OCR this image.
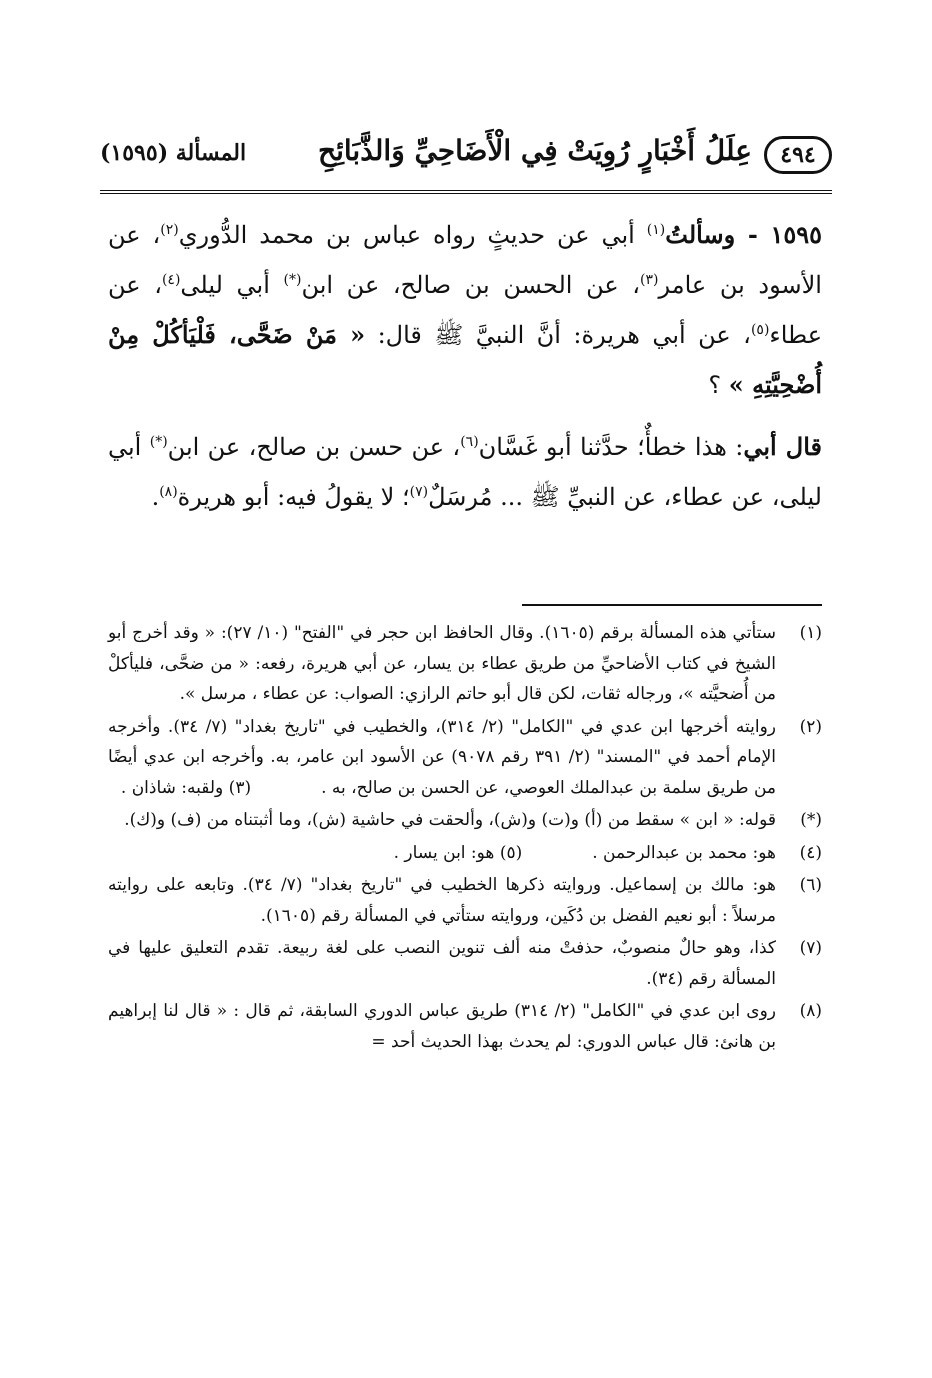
٤٩٤
عِلَلُ أَخْبَارٍ رُوِيَتْ فِي الْأَضَاحِيِّ وَالذَّبَائِحِ
المسألة (١٥٩٥)

١٥٩٥ - وسألتُ$^{(١)}$ أبي عن حديثٍ رواه عباس بن محمد الدُّوري$^{(٢)}$، عن الأسود بن عامر$^{(٣)}$، عن الحسن بن صالح، عن ابن(*) أبي ليلى$^{(٤)}$، عن عطاء$^{(٥)}$، عن أبي هريرة: أنَّ النبيَّ ﷺ قال: « مَنْ ضَحَّى، فَلْيَأكُلْ مِنْ أُضْحِيَّتِهِ » ؟

قال أبي: هذا خطأٌ؛ حدَّثنا أبو غَسَّان$^{(٦)}$، عن حسن بن صالح، عن ابن(*) أبي ليلى، عن عطاء، عن النبيِّ ﷺ ... مُرسَلٌ$^{(٧)}$؛ لا يقولُ فيه: أبو هريرة$^{(٨)}$.

(١)
ستأتي هذه المسألة برقم (١٦٠٥). وقال الحافظ ابن حجر في "الفتح" (١٠/ ٢٧): « وقد أخرج أبو الشيخ في كتاب الأضاحيِّ من طريق عطاء بن يسار، عن أبي هريرة، رفعه: « من ضحَّى، فليأكلْ من أُضحيَّته »، ورجاله ثقات، لكن قال أبو حاتم الرازي: الصواب: عن عطاء ، مرسل ».
(٢)
روايته أخرجها ابن عدي في "الكامل" (٢/ ٣١٤)، والخطيب في "تاريخ بغداد" (٧/ ٣٤). وأخرجه الإمام أحمد في "المسند" (٢/ ٣٩١ رقم ٩٠٧٨) عن الأسود ابن عامر، به. وأخرجه ابن عدي أيضًا من طريق سلمة بن عبدالملك العوصي، عن الحسن بن صالح، به .(٣) ولقبه: شاذان .
(*)
قوله: « ابن » سقط من (أ) و(ت) و(ش)، وألحقت في حاشية (ش)، وما أثبتناه من (ف) و(ك).
(٤)
هو: محمد بن عبدالرحمن .(٥) هو: ابن يسار .
(٦)
هو: مالك بن إسماعيل. وروايته ذكرها الخطيب في "تاريخ بغداد" (٧/ ٣٤). وتابعه على روايته مرسلاً : أبو نعيم الفضل بن دُكَين، وروايته ستأتي في المسألة رقم (١٦٠٥).
(٧)
كذا، وهو حالٌ منصوبٌ، حذفتْ منه ألف تنوين النصب على لغة ربيعة. تقدم التعليق عليها في المسألة رقم (٣٤).
(٨)
روى ابن عدي في "الكامل" (٢/ ٣١٤) طريق عباس الدوري السابقة، ثم قال : « قال لنا إبراهيم بن هانئ: قال عباس الدوري: لم يحدث بهذا الحديث أحد =
